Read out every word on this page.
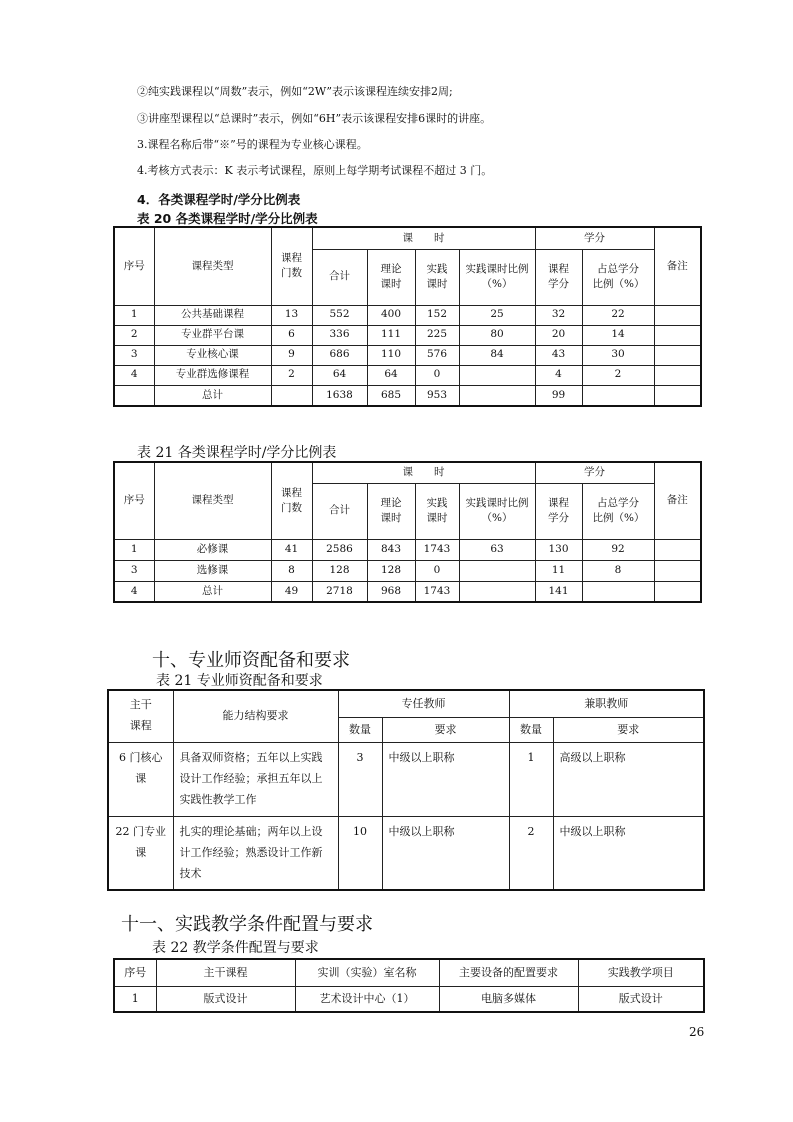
②纯实践课程以“周数”表示，例如“2W”表示该课程连续安排2周;
③讲座型课程以“总课时”表示，例如“6H”表示该课程安排6课时的讲座。
3.课程名称后带“※”号的课程为专业核心课程。
4.考核方式表示：K 表示考试课程，原则上每学期考试课程不超过 3 门。
4．各类课程学时/学分比例表
表 20 各类课程学时/学分比例表
序号	课程类型	课程门数	课　　时				学分		备注
			合计	理论课时	实践课时	实践课时比例（%）	课程学分	占总学分比例（%）	
1	公共基础课程	13	552	400	152	25	32	22	
2	专业群平台课	6	336	111	225	80	20	14	
3	专业核心课	9	686	110	576	84	43	30	
4	专业群选修课程	2	64	64	0		4	2	
	总计		1638	685	953		99		
表 21 各类课程学时/学分比例表
序号	课程类型	课程门数	课　　时				学分		备注
			合计	理论课时	实践课时	实践课时比例（%）	课程学分	占总学分比例（%）	
1	必修课	41	2586	843	1743	63	130	92	
3	选修课	8	128	128	0		11	8	
4	总计	49	2718	968	1743		141		
十、专业师资配备和要求
表 21 专业师资配备和要求
主干课程	能力结构要求	专任教师		兼职教师	
		数量	要求	数量	要求
6 门核心课	具备双师资格；五年以上实践设计工作经验；承担五年以上实践性教学工作	3	中级以上职称	1	高级以上职称
22 门专业课	扎实的理论基础；两年以上设计工作经验；熟悉设计工作新技术	10	中级以上职称	2	中级以上职称
十一、实践教学条件配置与要求
表 22 教学条件配置与要求
序号	主干课程	实训（实验）室名称	主要设备的配置要求	实践教学项目
1	版式设计	艺术设计中心（1）	电脑多媒体	版式设计
26
